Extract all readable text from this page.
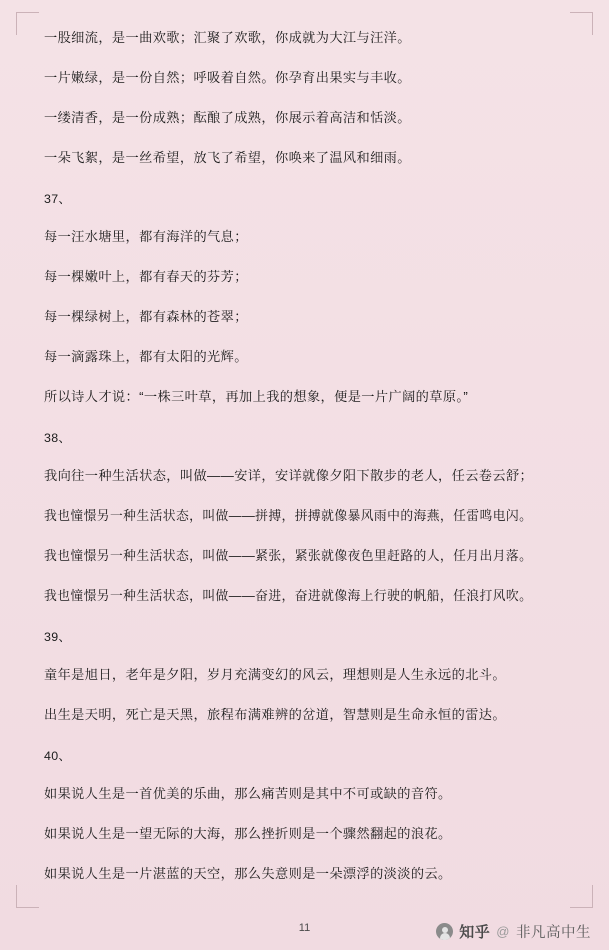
一股细流，是一曲欢歌；汇聚了欢歌，你成就为大江与汪洋。

一片嫩绿，是一份自然；呼吸着自然。你孕育出果实与丰收。

一缕清香，是一份成熟；酝酿了成熟，你展示着高洁和恬淡。

一朵飞絮，是一丝希望，放飞了希望，你唤来了温风和细雨。

37、

每一汪水塘里，都有海洋的气息；

每一棵嫩叶上，都有春天的芬芳；

每一棵绿树上，都有森林的苍翠；

每一滴露珠上，都有太阳的光辉。

所以诗人才说：“一株三叶草，再加上我的想象，便是一片广阔的草原。”

38、

我向往一种生活状态，叫做——安详，安详就像夕阳下散步的老人，任云卷云舒；

我也憧憬另一种生活状态，叫做——拼搏，拼搏就像暴风雨中的海燕，任雷鸣电闪。

我也憧憬另一种生活状态，叫做——紧张，紧张就像夜色里赶路的人，任月出月落。

我也憧憬另一种生活状态，叫做——奋进，奋进就像海上行驶的帆船，任浪打风吹。

39、

童年是旭日，老年是夕阳，岁月充满变幻的风云，理想则是人生永远的北斗。

出生是天明，死亡是天黑，旅程布满难辨的岔道，智慧则是生命永恒的雷达。

40、

如果说人生是一首优美的乐曲，那么痛苦则是其中不可或缺的音符。

如果说人生是一望无际的大海，那么挫折则是一个骤然翻起的浪花。

如果说人生是一片湛蓝的天空，那么失意则是一朵漂浮的淡淡的云。

11	知乎 @ 非凡高中生
